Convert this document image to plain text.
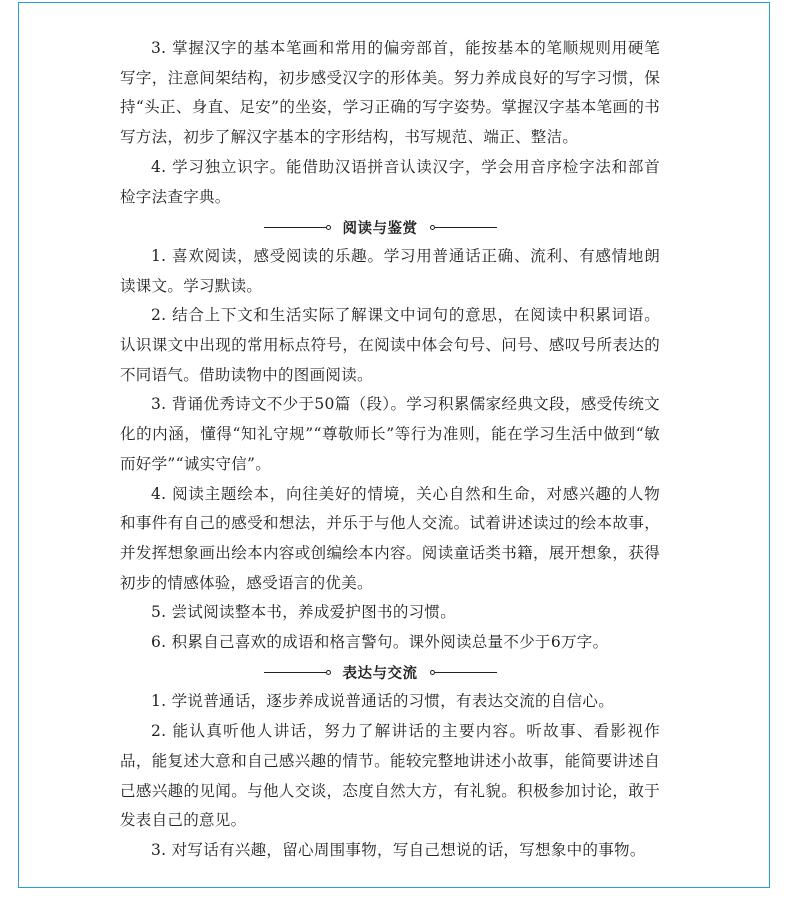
3. 掌握汉字的基本笔画和常用的偏旁部首，能按基本的笔顺规则用硬笔写字，注意间架结构，初步感受汉字的形体美。努力养成良好的写字习惯，保持“头正、身直、足安”的坐姿，学习正确的写字姿势。掌握汉字基本笔画的书写方法，初步了解汉字基本的字形结构，书写规范、端正、整洁。

4. 学习独立识字。能借助汉语拼音认读汉字，学会用音序检字法和部首检字法查字典。

阅读与鉴赏

1. 喜欢阅读，感受阅读的乐趣。学习用普通话正确、流利、有感情地朗读课文。学习默读。

2. 结合上下文和生活实际了解课文中词句的意思，在阅读中积累词语。认识课文中出现的常用标点符号，在阅读中体会句号、问号、感叹号所表达的不同语气。借助读物中的图画阅读。

3. 背诵优秀诗文不少于50篇（段）。学习积累儒家经典文段，感受传统文化的内涵，懂得“知礼守规”“尊敬师长”等行为准则，能在学习生活中做到“敏而好学”“诚实守信”。

4. 阅读主题绘本，向往美好的情境，关心自然和生命，对感兴趣的人物和事件有自己的感受和想法，并乐于与他人交流。试着讲述读过的绘本故事，并发挥想象画出绘本内容或创编绘本内容。阅读童话类书籍，展开想象，获得初步的情感体验，感受语言的优美。

5. 尝试阅读整本书，养成爱护图书的习惯。

6. 积累自己喜欢的成语和格言警句。课外阅读总量不少于6万字。

表达与交流

1. 学说普通话，逐步养成说普通话的习惯，有表达交流的自信心。

2. 能认真听他人讲话，努力了解讲话的主要内容。听故事、看影视作品，能复述大意和自己感兴趣的情节。能较完整地讲述小故事，能简要讲述自己感兴趣的见闻。与他人交谈，态度自然大方，有礼貌。积极参加讨论，敢于发表自己的意见。

3. 对写话有兴趣，留心周围事物，写自己想说的话，写想象中的事物。
